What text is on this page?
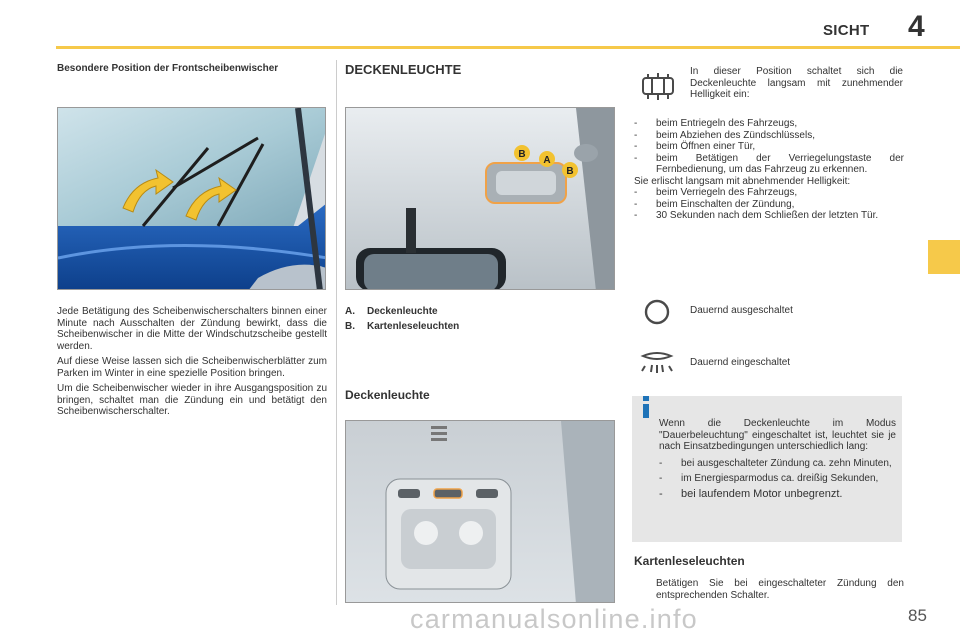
SICHT 4
Besondere Position der Frontscheibenwischer

Jede Betätigung des Scheibenwischerschalters binnen einer Minute nach Ausschalten der Zündung bewirkt, dass die Scheibenwischer in die Mitte der Windschutzscheibe gestellt werden.

Auf diese Weise lassen sich die Scheibenwischerblätter zum Parken im Winter in eine spezielle Position bringen.

Um die Scheibenwischer wieder in ihre Ausgangsposition zu bringen, schaltet man die Zündung ein und betätigt den Scheibenwischerschalter.

DECKENLEUCHTE
B
A
B
A.	Deckenleuchte
B.	Kartenleseleuchten
Deckenleuchte
In dieser Position schaltet sich die Deckenleuchte langsam mit zunehmender Helligkeit ein:
-	beim Entriegeln des Fahrzeugs,
-	beim Abziehen des Zündschlüssels,
-	beim Öffnen einer Tür,
-	beim Betätigen der Verriegelungstaste der Fernbedienung, um das Fahrzeug zu erkennen.
Sie erlischt langsam mit abnehmender Helligkeit:
-	beim Verriegeln des Fahrzeugs,
-	beim Einschalten der Zündung,
-	30 Sekunden nach dem Schließen der letzten Tür.
Dauernd ausgeschaltet
Dauernd eingeschaltet

Wenn die Deckenleuchte im Modus "Dauerbeleuchtung" eingeschaltet ist, leuchtet sie je nach Einsatzbedingungen unterschiedlich lang:

-	bei ausgeschalteter Zündung ca. zehn Minuten,
-	im Energiesparmodus ca. dreißig Sekunden,
-	bei laufendem Motor unbegrenzt.
Kartenleseleuchten
Betätigen Sie bei eingeschalteter Zündung den entsprechenden Schalter.
carmanualsonline.info	85
